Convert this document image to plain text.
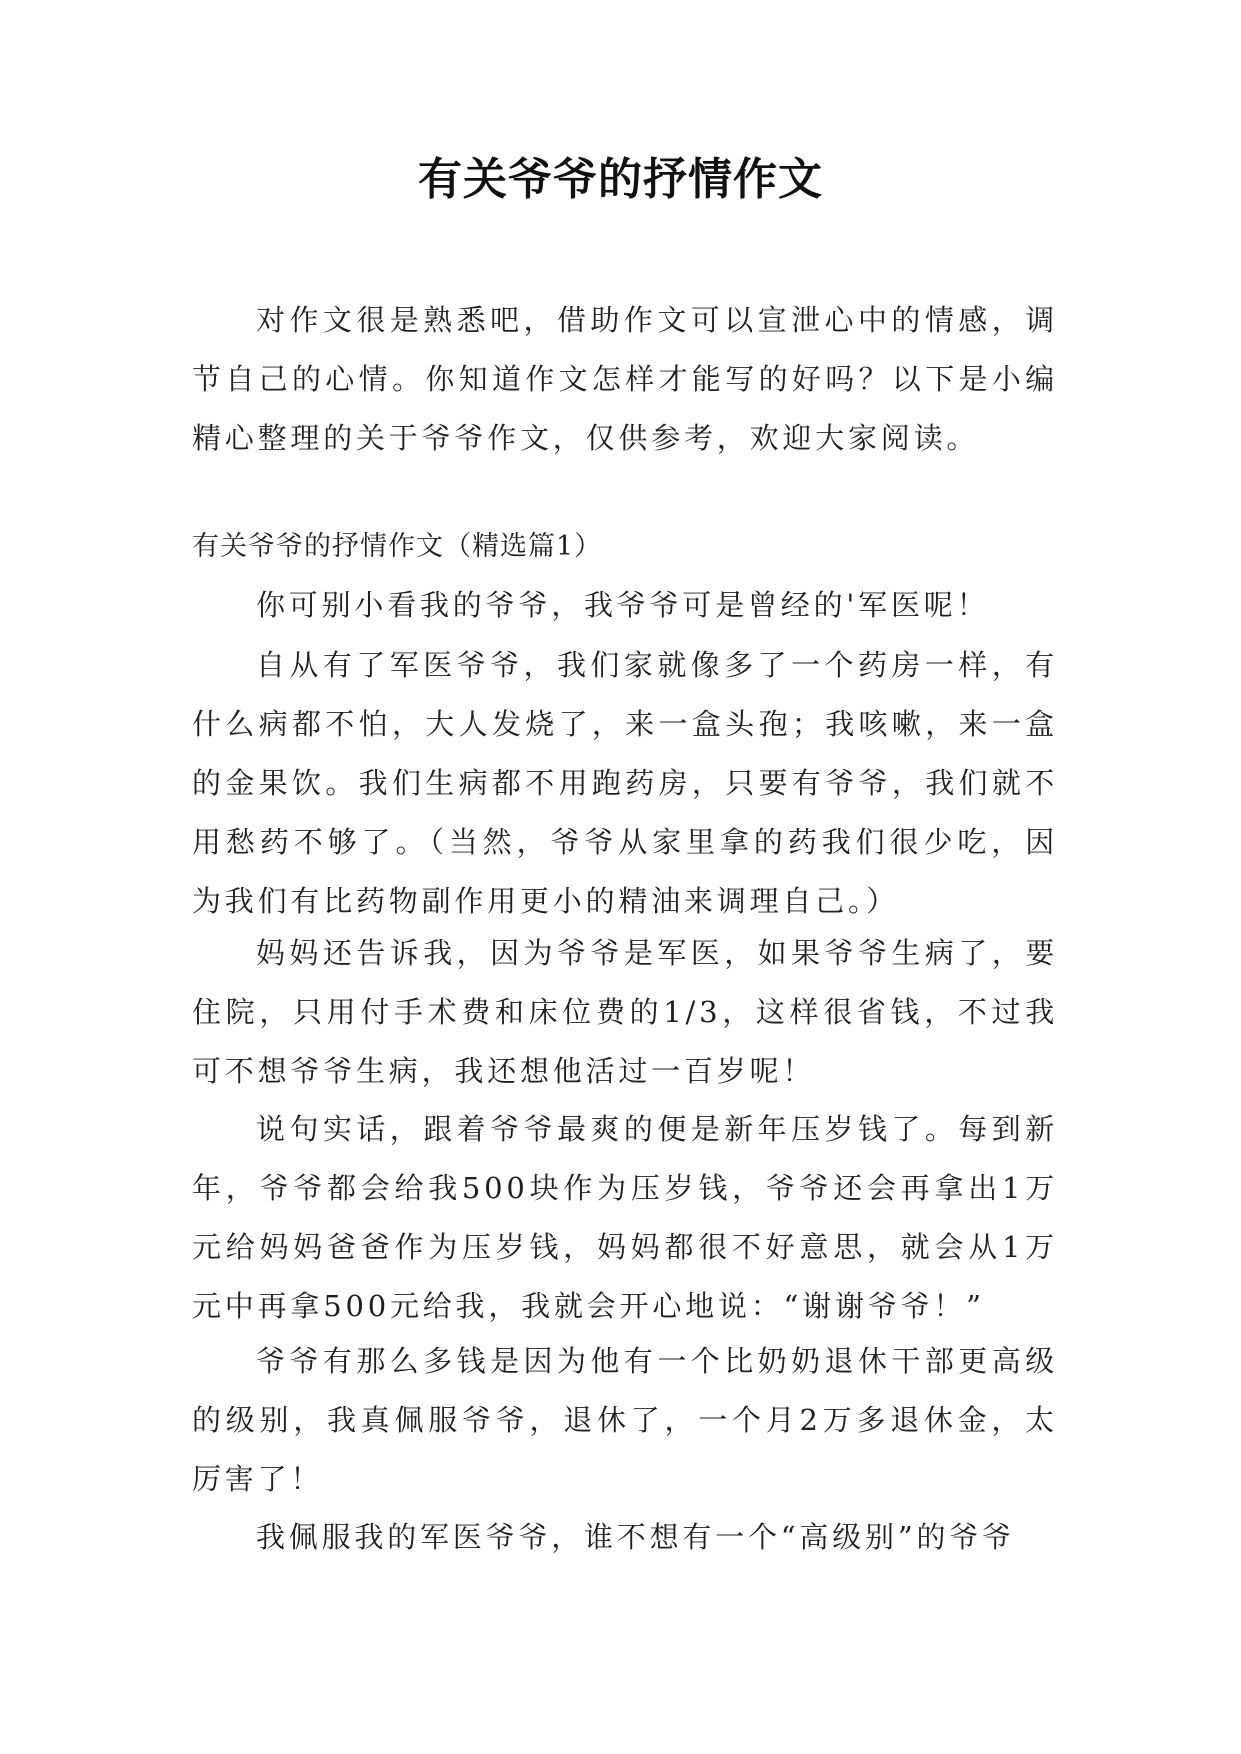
有关爷爷的抒情作文

对作文很是熟悉吧，借助作文可以宣泄心中的情感，调节自己的心情。你知道作文怎样才能写的好吗？以下是小编精心整理的关于爷爷作文，仅供参考，欢迎大家阅读。

有关爷爷的抒情作文（精选篇1）

你可别小看我的爷爷，我爷爷可是曾经的'军医呢！

自从有了军医爷爷，我们家就像多了一个药房一样，有什么病都不怕，大人发烧了，来一盒头孢；我咳嗽，来一盒的金果饮。我们生病都不用跑药房，只要有爷爷，我们就不用愁药不够了。（当然，爷爷从家里拿的药我们很少吃，因为我们有比药物副作用更小的精油来调理自己。）

妈妈还告诉我，因为爷爷是军医，如果爷爷生病了，要住院，只用付手术费和床位费的1/3，这样很省钱，不过我可不想爷爷生病，我还想他活过一百岁呢！

说句实话，跟着爷爷最爽的便是新年压岁钱了。每到新年，爷爷都会给我500块作为压岁钱，爷爷还会再拿出1万元给妈妈爸爸作为压岁钱，妈妈都很不好意思，就会从1万元中再拿500元给我，我就会开心地说：“谢谢爷爷！”

爷爷有那么多钱是因为他有一个比奶奶退休干部更高级的级别，我真佩服爷爷，退休了，一个月2万多退休金，太厉害了！

我佩服我的军医爷爷，谁不想有一个“高级别”的爷爷
